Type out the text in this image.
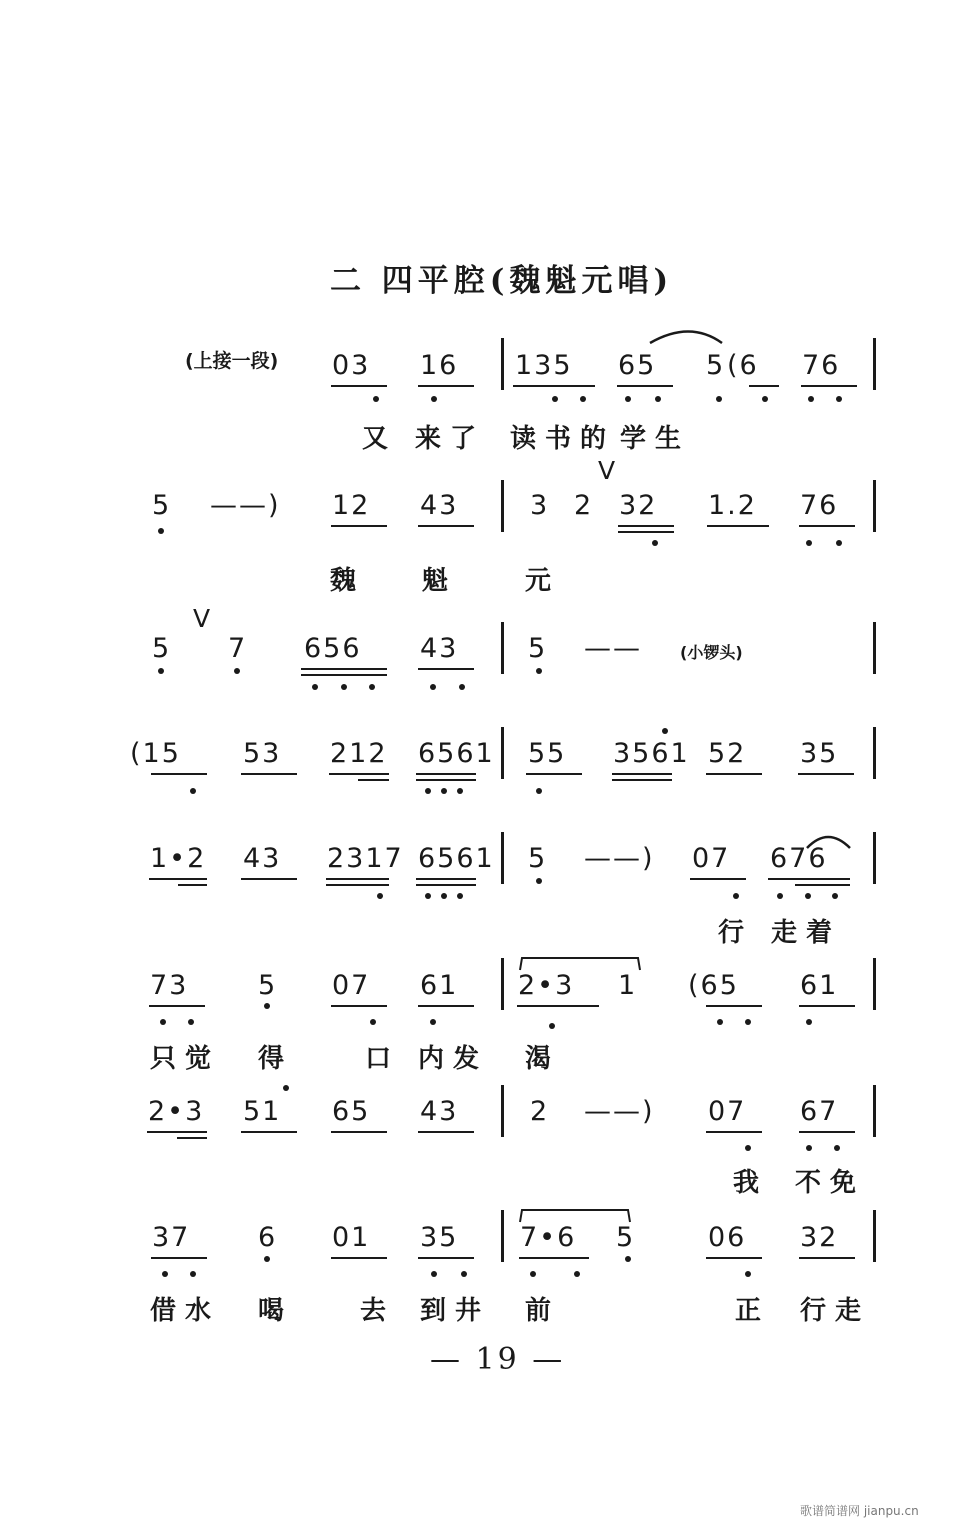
二 四平腔(魏魁元唱)
(上接一段) 03 16 135 65 5 (6 76
又 来了 读书的 学生
5 ——) 12 43	3 2 32 1.2 76
V
魏 魁	元
V
5 7 656 43	5 —— (小锣头)
(15 53 212 6561 55 3561 52 35
1•2 43 2317 6561 5 ——) 07 676
行 走着
73	5 07 61 2•3 1 (65 61
只觉 得	口 内发 渴
2•3 51 65 43	2 ——) 07 67
我 不免
37	6 01 35 7•6 5	06 32
借水 喝	去 到井 前	正 行走
— 19 —
歌谱简谱网 jianpu.cn
